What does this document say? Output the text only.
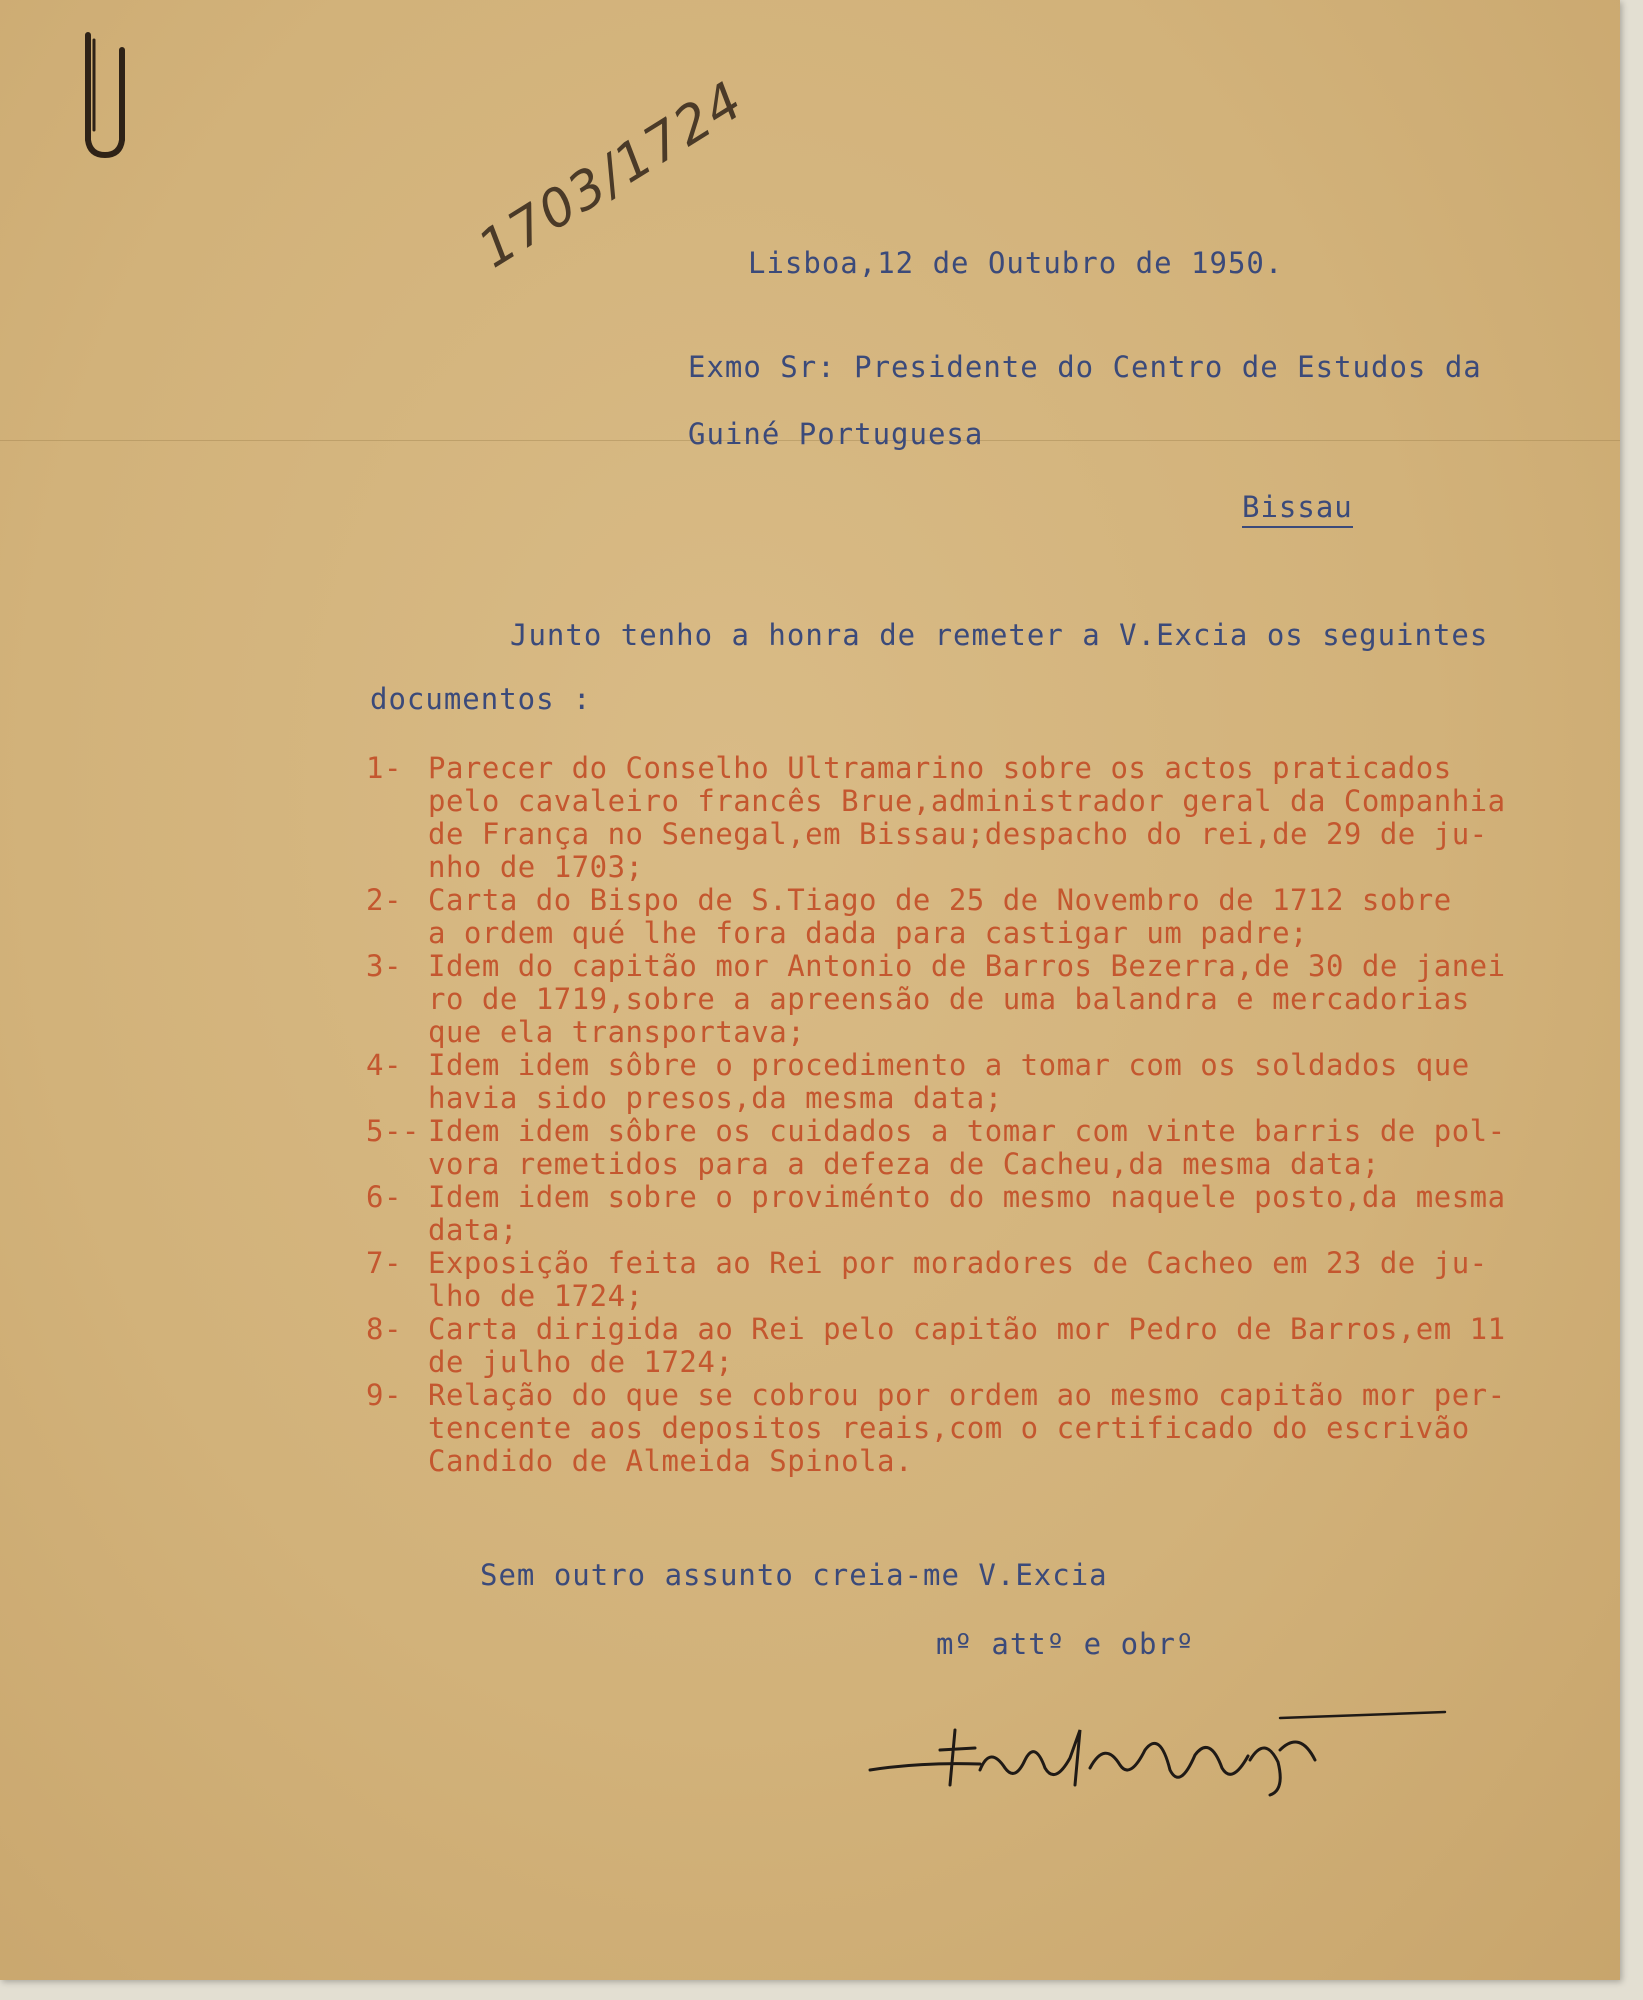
1703/1724
Lisboa,12 de Outubro de 1950.
Exmo Sr: Presidente do Centro de Estudos da
Guiné Portuguesa
Bissau
Junto tenho a honra de remeter a V.Excia os seguintes
documentos :
1- Parecer do Conselho Ultramarino sobre os actos praticados
pelo cavaleiro francês Brue,administrador geral da Companhia
de França no Senegal,em Bissau;despacho do rei,de 29 de ju-
nho de 1703;
2- Carta do Bispo de S.Tiago de 25 de Novembro de 1712 sobre
a ordem qué lhe fora dada para castigar um padre;
3- Idem do capitão mor Antonio de Barros Bezerra,de 30 de janei
ro de 1719,sobre a apreensão de uma balandra e mercadorias
que ela transportava;
4- Idem idem sôbre o procedimento a tomar com os soldados que
havia sido presos,da mesma data;
5-- Idem idem sôbre os cuidados a tomar com vinte barris de pol-
vora remetidos para a defeza de Cacheu,da mesma data;
6- Idem idem sobre o proviménto do mesmo naquele posto,da mesma
data;
7- Exposição feita ao Rei por moradores de Cacheo em 23 de ju-
lho de 1724;
8- Carta dirigida ao Rei pelo capitão mor Pedro de Barros,em 11
de julho de 1724;
9- Relação do que se cobrou por ordem ao mesmo capitão mor per-
tencente aos depositos reais,com o certificado do escrivão
Candido de Almeida Spinola.
Sem outro assunto creia-me V.Excia
mº attº e obrº
